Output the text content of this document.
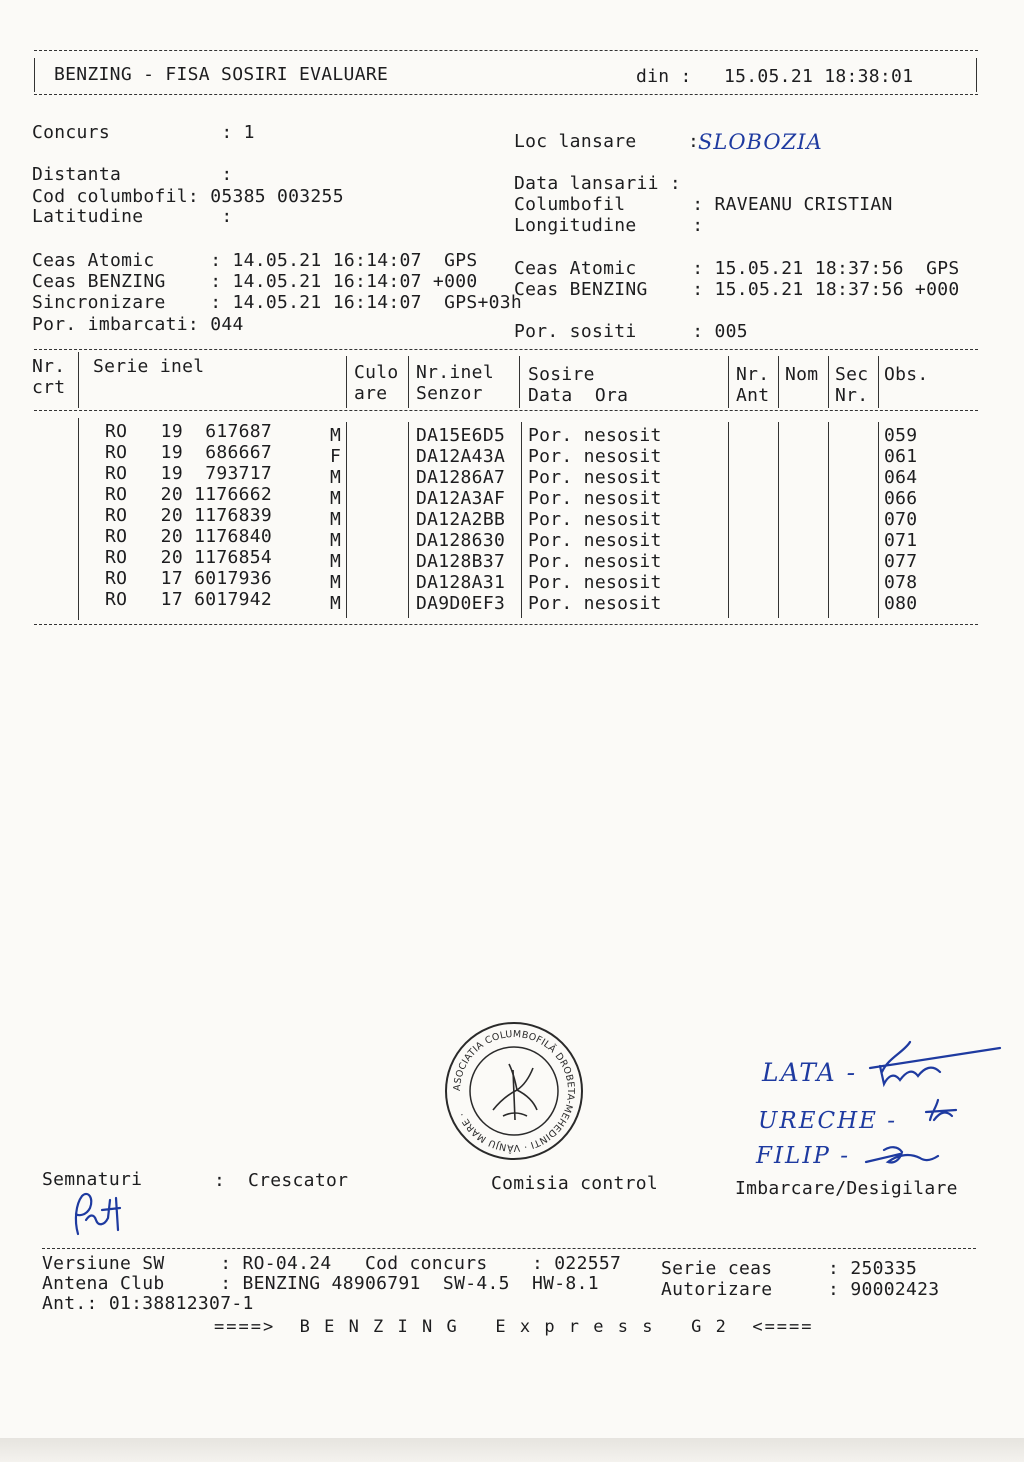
BENZING - FISA SOSIRI EVALUARE	din : 15.05.21 18:38:01
Concurs          : 1	Loc lansare	:
SLOBOZIA
Distanta         :
Cod columbofil: 05385 003255
Latitudine       :
Data lansarii :
Columbofil      : RAVEANU CRISTIAN
Longitudine     :
Ceas Atomic     : 14.05.21 16:14:07  GPS
Ceas BENZING    : 14.05.21 16:14:07 +000
Sincronizare    : 14.05.21 16:14:07  GPS+03h
Por. imbarcati: 044
Ceas Atomic     : 15.05.21 18:37:56  GPS
Ceas BENZING    : 15.05.21 18:37:56 +000
Por. sositi     : 005
Nr.
crt
Serie inel	Culo
are
Nr.inel
Senzor
Sosire
Data  Ora
Nr.
Ant
Nom Sec
Nr.
Obs.
RO   19  617687	M	DA15E6D5 Por. nesosit	059
RO   19  686667	F	DA12A43A Por. nesosit	061
RO   19  793717	M	DA1286A7 Por. nesosit	064
RO   20 1176662	M	DA12A3AF Por. nesosit	066
RO   20 1176839	M	DA12A2BB Por. nesosit	070
RO   20 1176840	M	DA128630 Por. nesosit	071
RO   20 1176854	M	DA128B37 Por. nesosit	077
RO   17 6017936	M	DA128A31 Por. nesosit	078
RO   17 6017942	M	DA9D0EF3 Por. nesosit	080
ASOCIATIA COLUMBOFILĂ DROBETA-MEHEDINTI · VÂNJU MARE ·
LATA -
URECHE -
FILIP -
Semnaturi	: Crescator	Comisia control	Imbarcare/Desigilare
Versiune SW     : RO-04.24   Cod concurs    : 022557
Antena Club     : BENZING 48906791  SW-4.5  HW-8.1
Ant.: 01:38812307-1
Serie ceas     : 250335
Autorizare     : 90002423
====>  B E N Z I N G   E x p r e s s   G 2  <====
